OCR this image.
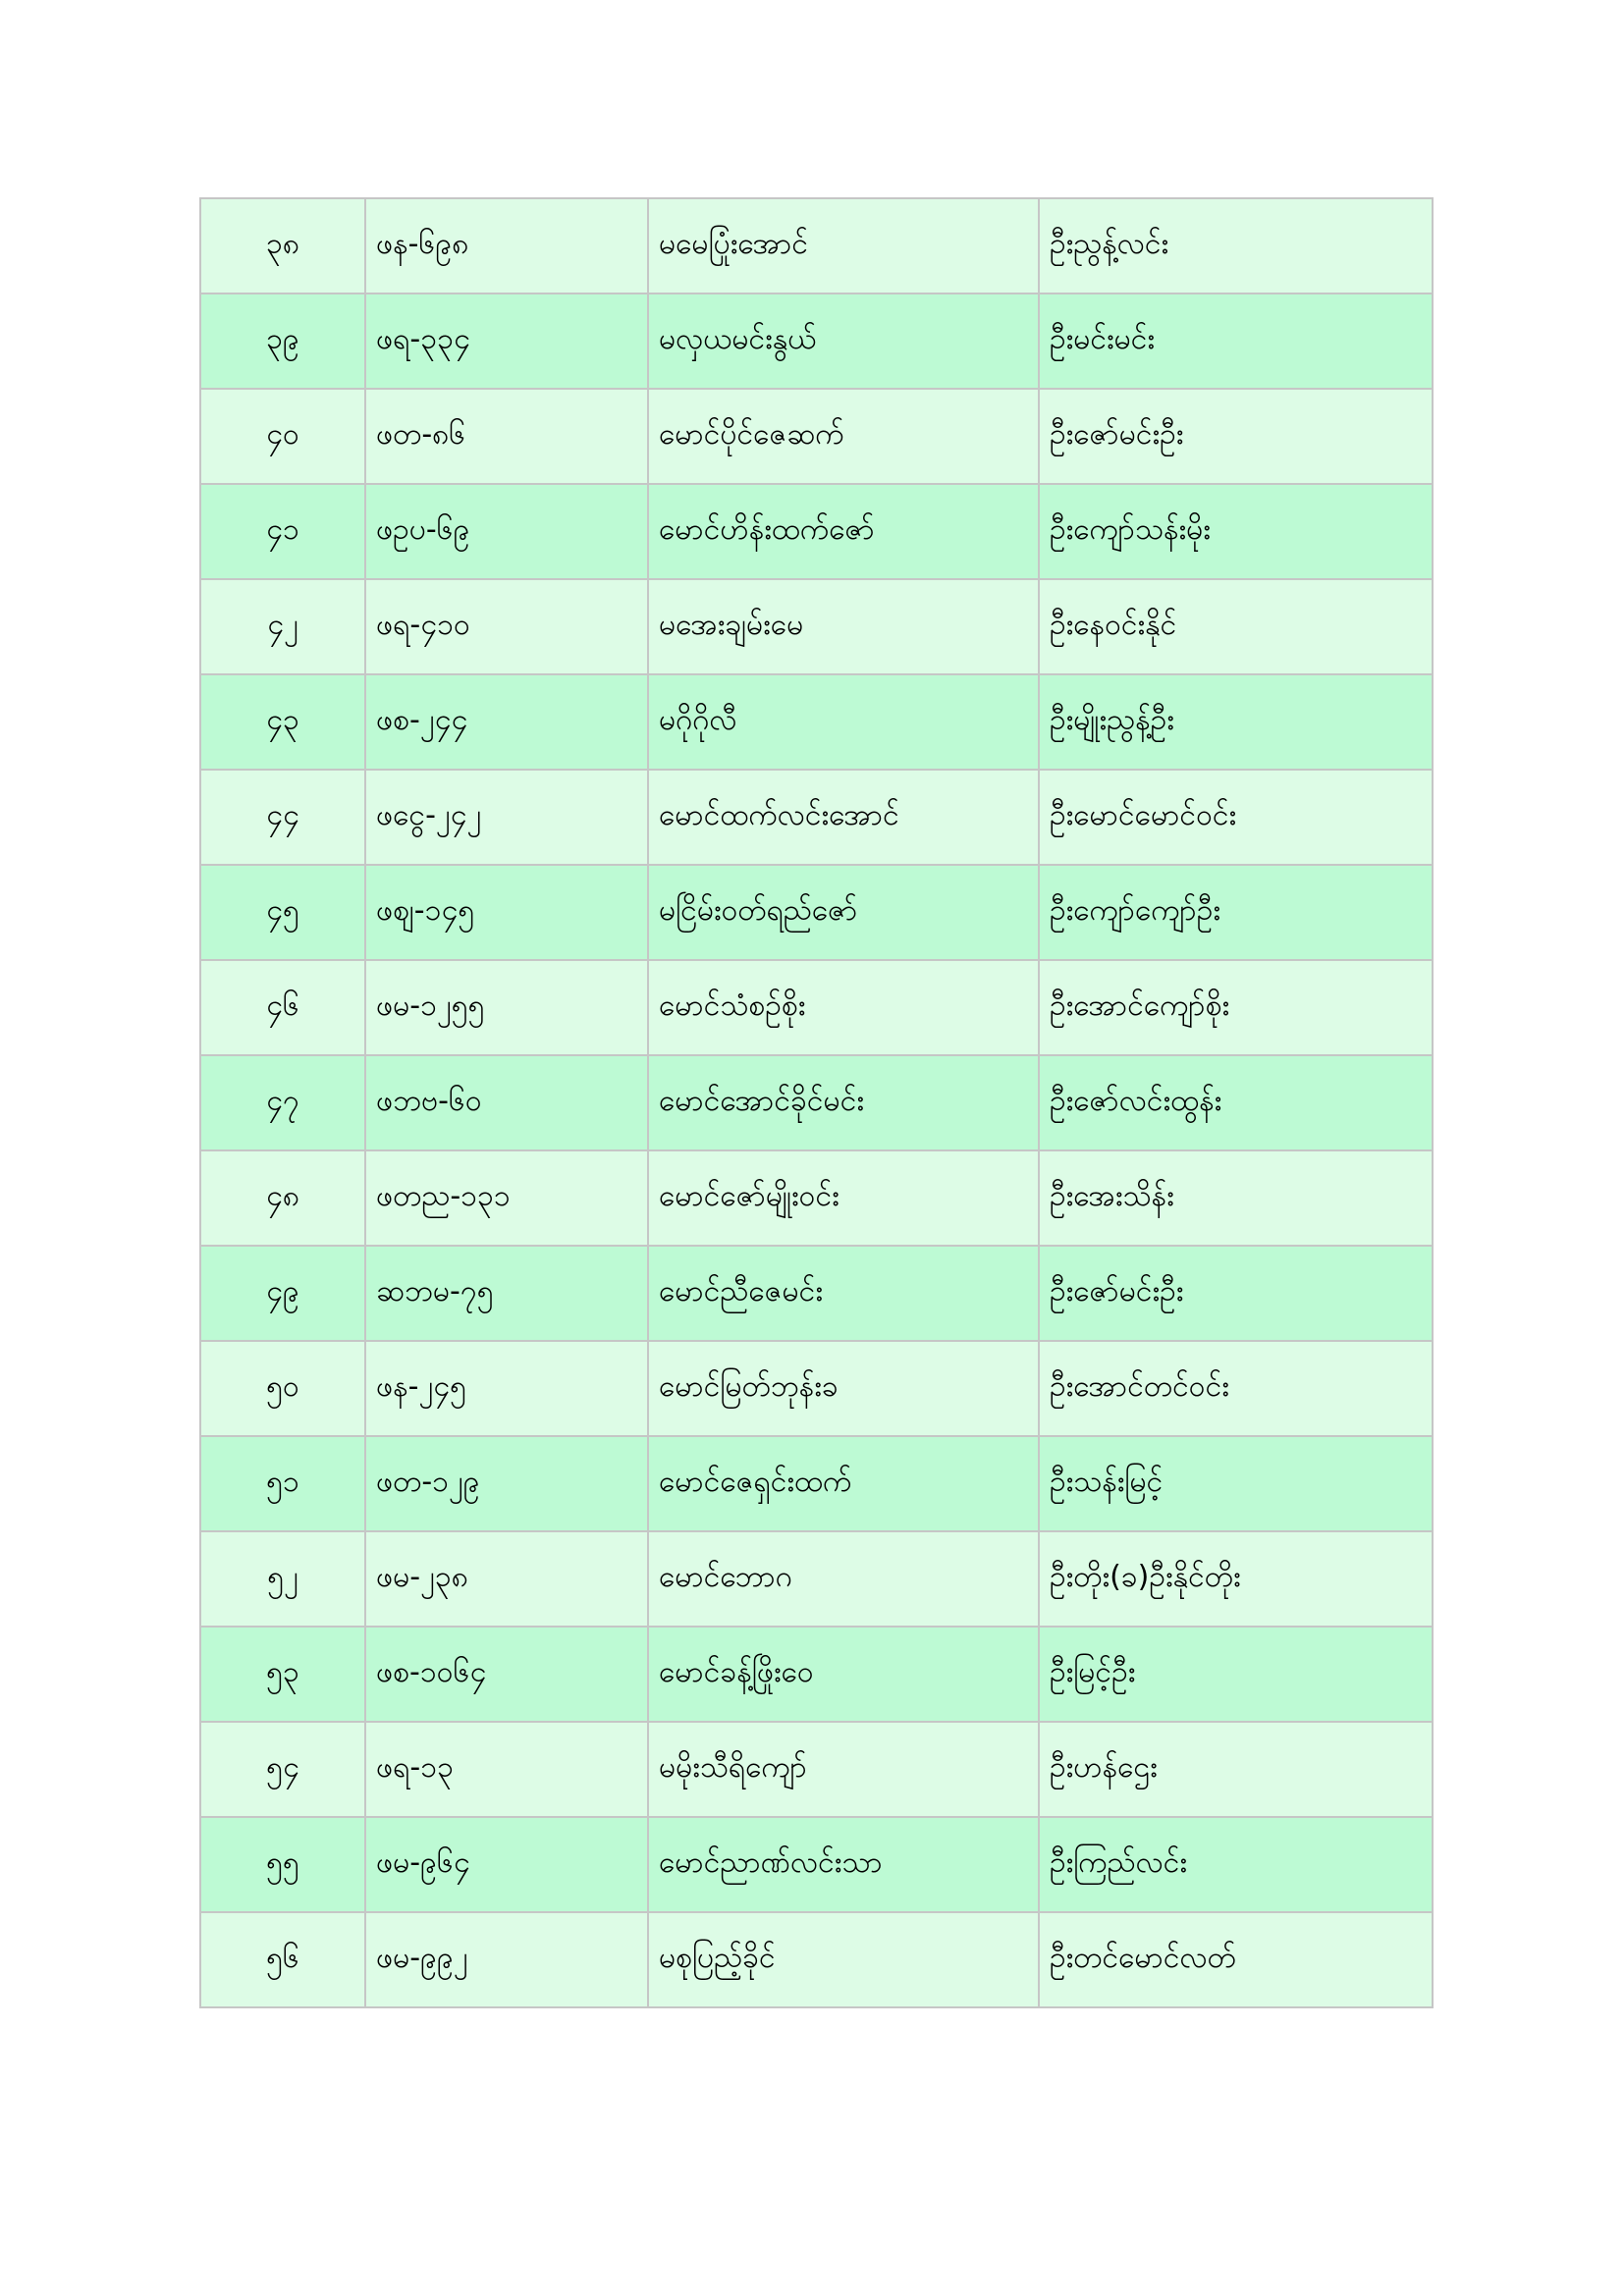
၃၈	ဖန-၆၉၈	မမေပြုံးအောင်	ဦးညွန့်လင်း
၃၉	ဖရ-၃၃၄	မလှယမင်းနွယ်	ဦးမင်းမင်း
၄၀	ဖတ-၈၆	မောင်ပိုင်ဇေဆက်	ဦးဇော်မင်းဦး
၄၁	ဖဥပ-၆၉	မောင်ဟိန်းထက်ဇော်	ဦးကျော်သန်းမိုး
၄၂	ဖရ-၄၁၀	မအေးချမ်းမေ	ဦးနေဝင်းနိုင်
၄၃	ဖစ-၂၄၄	မဂိုဂိုလီ	ဦးမျိုးညွန့်ဦး
၄၄	ဖငွေ-၂၄၂	မောင်ထက်လင်းအောင်	ဦးမောင်မောင်ဝင်း
၄၅	ဖစျ-၁၄၅	မငြိမ်းဝတ်ရည်ဇော်	ဦးကျော်ကျော်ဦး
၄၆	ဖမ-၁၂၅၅	မောင်သံစဉ်စိုး	ဦးအောင်ကျော်စိုး
၄၇	ဖဘဗ-၆၀	မောင်အောင်ခိုင်မင်း	ဦးဇော်လင်းထွန်း
၄၈	ဖတည-၁၃၁	မောင်ဇော်မျိုးဝင်း	ဦးအေးသိန်း
၄၉	ဆဘမ-၇၅	မောင်ညီဇေမင်း	ဦးဇော်မင်းဦး
၅၀	ဖန-၂၄၅	မောင်မြတ်ဘုန်းခ	ဦးအောင်တင်ဝင်း
၅၁	ဖတ-၁၂၉	မောင်ဇေရှင်းထက်	ဦးသန်းမြင့်
၅၂	ဖမ-၂၃၈	မောင်ဘောဂ	ဦးတိုး(ခ)ဦးနိုင်တိုး
၅၃	ဖစ-၁၀၆၄	မောင်ခန့်ဖြိုးဝေ	ဦးမြင့်ဦး
၅၄	ဖရ-၁၃	မမိုးသီရိကျော်	ဦးဟန်ဌေး
၅၅	ဖမ-၉၆၄	မောင်ညာဏ်လင်းသာ	ဦးကြည်လင်း
၅၆	ဖမ-၉၉၂	မစုပြည့်ခိုင်	ဦးတင်မောင်လတ်
